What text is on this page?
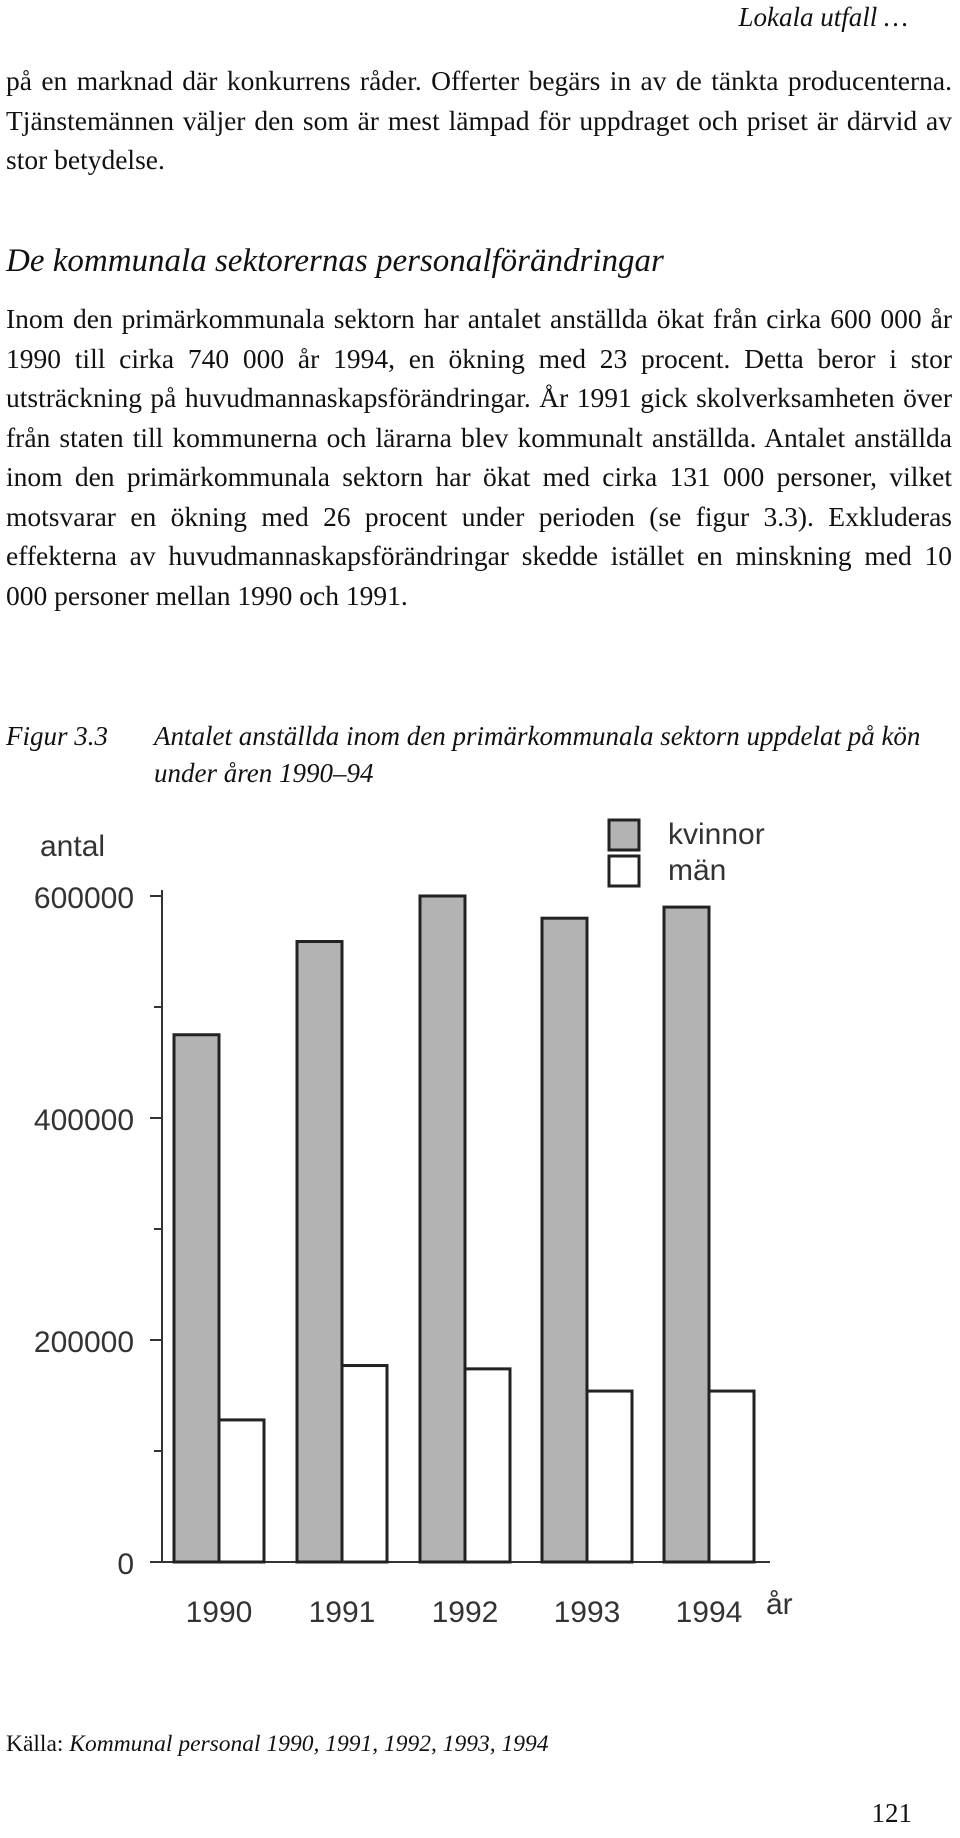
Lokala utfall …

på en marknad där konkurrens råder. Offerter begärs in av de tänkta producenterna. Tjänstemännen väljer den som är mest lämpad för uppdraget och priset är därvid av stor betydelse.

De kommunala sektorernas personalförändringar

Inom den primärkommunala sektorn har antalet anställda ökat från cirka 600 000 år 1990 till cirka 740 000 år 1994, en ökning med 23 procent. Detta beror i stor utsträckning på huvudmannaskapsförändringar. År 1991 gick skolverksamheten över från staten till kommunerna och lärarna blev kommunalt anställda. Antalet anställda inom den primärkommunala sektorn har ökat med cirka 131 000 personer, vilket motsvarar en ökning med 26 procent under perioden (se figur 3.3). Exkluderas effekterna av huvudmannaskapsförändringar skedde istället en minskning med 10 000 personer mellan 1990 och 1991.

Figur 3.3 Antalet anställda inom den primärkommunala sektorn uppdelat på kön under åren 1990–94
0
200000
400000
600000
antal
1990 1991 1992 1993 1994 år
kvinnor
män
Källa: Kommunal personal 1990, 1991, 1992, 1993, 1994
121
